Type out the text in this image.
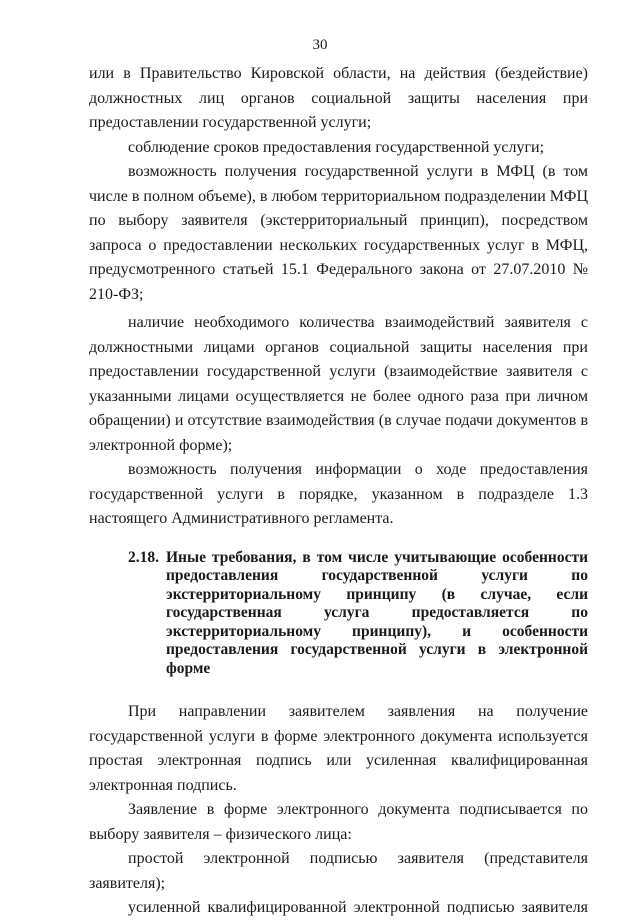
30

или в Правительство Кировской области, на действия (бездействие) должностных лиц органов социальной защиты населения при предоставлении государственной услуги;

соблюдение сроков предоставления государственной услуги;

возможность получения государственной услуги в МФЦ (в том числе в полном объеме), в любом территориальном подразделении МФЦ по выбору заявителя (экстерриториальный принцип), посредством запроса о предоставлении нескольких государственных услуг в МФЦ, предусмотренного статьей 15.1 Федерального закона от 27.07.2010 № 210-ФЗ;

наличие необходимого количества взаимодействий заявителя с должностными лицами органов социальной защиты населения при предоставлении государственной услуги (взаимодействие заявителя с указанными лицами осуществляется не более одного раза при личном обращении) и отсутствие взаимодействия (в случае подачи документов в электронной форме);

возможность получения информации о ходе предоставления государственной услуги в порядке, указанном в подразделе 1.3 настоящего Административного регламента.

2.18. Иные требования, в том числе учитывающие особенности предоставления государственной услуги по экстерриториальному принципу (в случае, если государственная услуга предоставляется по экстерриториальному принципу), и особенности предоставления государственной услуги в электронной форме

При направлении заявителем заявления на получение государственной услуги в форме электронного документа используется простая электронная подпись или усиленная квалифицированная электронная подпись.

Заявление в форме электронного документа подписывается по выбору заявителя – физического лица:

простой электронной подписью заявителя (представителя заявителя);

усиленной квалифицированной электронной подписью заявителя
